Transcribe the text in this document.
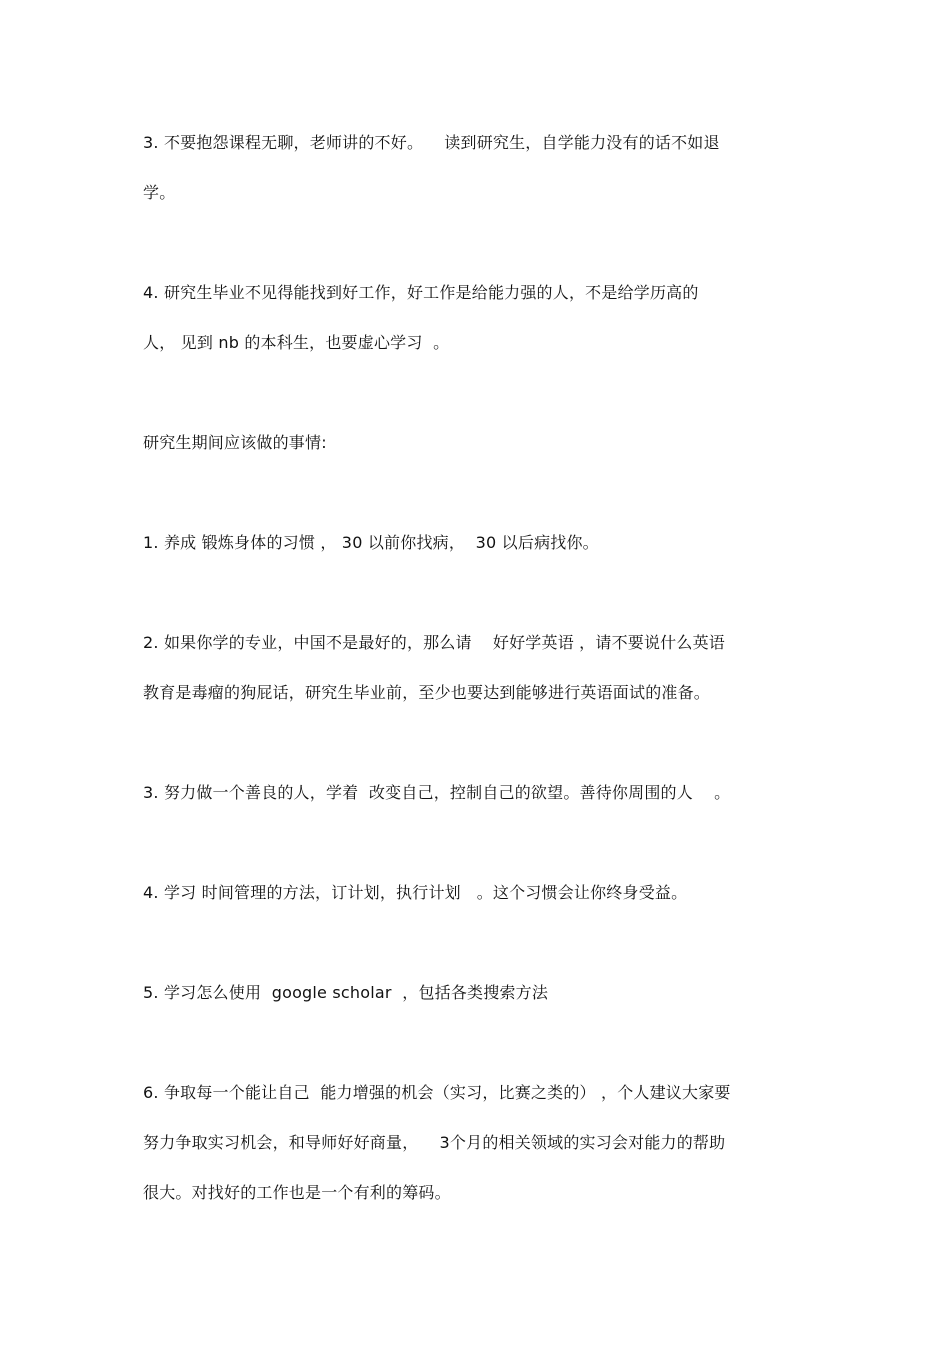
3. 不要抱怨课程无聊，老师讲的不好。    读到研究生，自学能力没有的话不如退
学。
4. 研究生毕业不见得能找到好工作，好工作是给能力强的人，不是给学历高的
人， 见到 nb 的本科生，也要虚心学习  。
研究生期间应该做的事情:
1. 养成 锻炼身体的习惯 ， 30 以前你找病，  30 以后病找你。
2. 如果你学的专业，中国不是最好的，那么请    好好学英语 ，请不要说什么英语
教育是毒瘤的狗屁话，研究生毕业前，至少也要达到能够进行英语面试的准备。
3. 努力做一个善良的人，学着  改变自己，控制自己的欲望。善待你周围的人    。
4. 学习 时间管理的方法，订计划，执行计划   。这个习惯会让你终身受益。
5. 学习怎么使用  google scholar  ，包括各类搜索方法
6. 争取每一个能让自己  能力增强的机会（实习，比赛之类的） ，个人建议大家要
努力争取实习机会，和导师好好商量，    3个月的相关领域的实习会对能力的帮助
很大。对找好的工作也是一个有利的筹码。
